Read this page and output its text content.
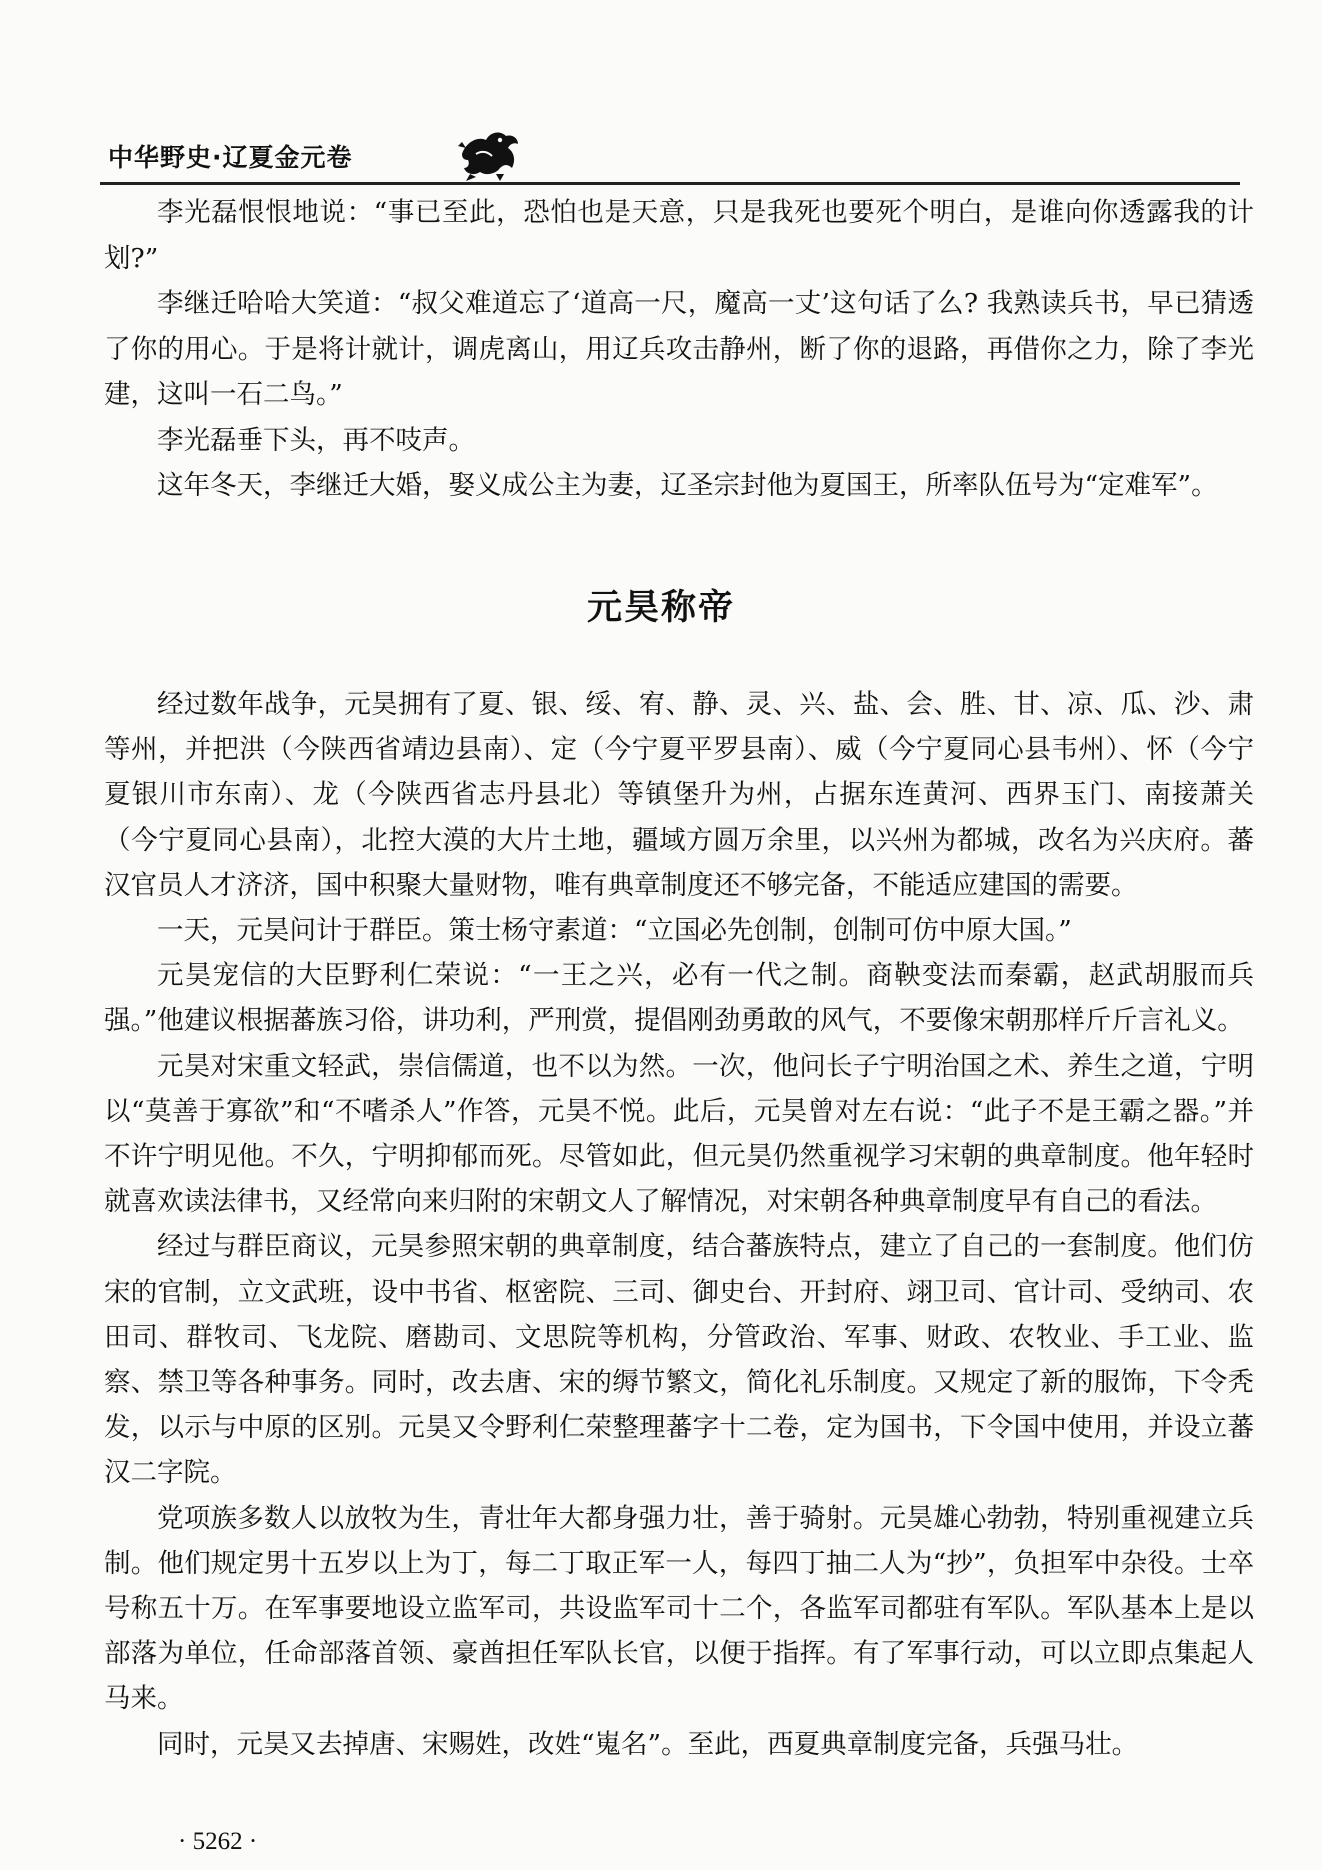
中华野史·辽夏金元卷

李光磊恨恨地说：“事已至此，恐怕也是天意，只是我死也要死个明白，是谁向你透露我的计划?”

李继迁哈哈大笑道：“叔父难道忘了‘道高一尺，魔高一丈’这句话了么? 我熟读兵书，早已猜透了你的用心。于是将计就计，调虎离山，用辽兵攻击静州，断了你的退路，再借你之力，除了李光建，这叫一石二鸟。”

李光磊垂下头，再不吱声。

这年冬天，李继迁大婚，娶义成公主为妻，辽圣宗封他为夏国王，所率队伍号为“定难军”。

元昊称帝

经过数年战争，元昊拥有了夏、银、绥、宥、静、灵、兴、盐、会、胜、甘、凉、瓜、沙、肃等州，并把洪（今陕西省靖边县南）、定（今宁夏平罗县南）、威（今宁夏同心县韦州）、怀（今宁夏银川市东南）、龙（今陕西省志丹县北）等镇堡升为州，占据东连黄河、西界玉门、南接萧关（今宁夏同心县南），北控大漠的大片土地，疆域方圆万余里，以兴州为都城，改名为兴庆府。蕃汉官员人才济济，国中积聚大量财物，唯有典章制度还不够完备，不能适应建国的需要。

一天，元昊问计于群臣。策士杨守素道：“立国必先创制，创制可仿中原大国。”

元昊宠信的大臣野利仁荣说：“一王之兴，必有一代之制。商鞅变法而秦霸，赵武胡服而兵强。”他建议根据蕃族习俗，讲功利，严刑赏，提倡刚劲勇敢的风气，不要像宋朝那样斤斤言礼义。

元昊对宋重文轻武，崇信儒道，也不以为然。一次，他问长子宁明治国之术、养生之道，宁明以“莫善于寡欲”和“不嗜杀人”作答，元昊不悦。此后，元昊曾对左右说：“此子不是王霸之器。”并不许宁明见他。不久，宁明抑郁而死。尽管如此，但元昊仍然重视学习宋朝的典章制度。他年轻时就喜欢读法律书，又经常向来归附的宋朝文人了解情况，对宋朝各种典章制度早有自己的看法。

经过与群臣商议，元昊参照宋朝的典章制度，结合蕃族特点，建立了自己的一套制度。他们仿宋的官制，立文武班，设中书省、枢密院、三司、御史台、开封府、翊卫司、官计司、受纳司、农田司、群牧司、飞龙院、磨勘司、文思院等机构，分管政治、军事、财政、农牧业、手工业、监察、禁卫等各种事务。同时，改去唐、宋的缛节繁文，简化礼乐制度。又规定了新的服饰，下令秃发，以示与中原的区别。元昊又令野利仁荣整理蕃字十二卷，定为国书，下令国中使用，并设立蕃汉二字院。

党项族多数人以放牧为生，青壮年大都身强力壮，善于骑射。元昊雄心勃勃，特别重视建立兵制。他们规定男十五岁以上为丁，每二丁取正军一人，每四丁抽二人为“抄”，负担军中杂役。士卒号称五十万。在军事要地设立监军司，共设监军司十二个，各监军司都驻有军队。军队基本上是以部落为单位，任命部落首领、豪酋担任军队长官，以便于指挥。有了军事行动，可以立即点集起人马来。

同时，元昊又去掉唐、宋赐姓，改姓“嵬名”。至此，西夏典章制度完备，兵强马壮。

· 5262 ·
